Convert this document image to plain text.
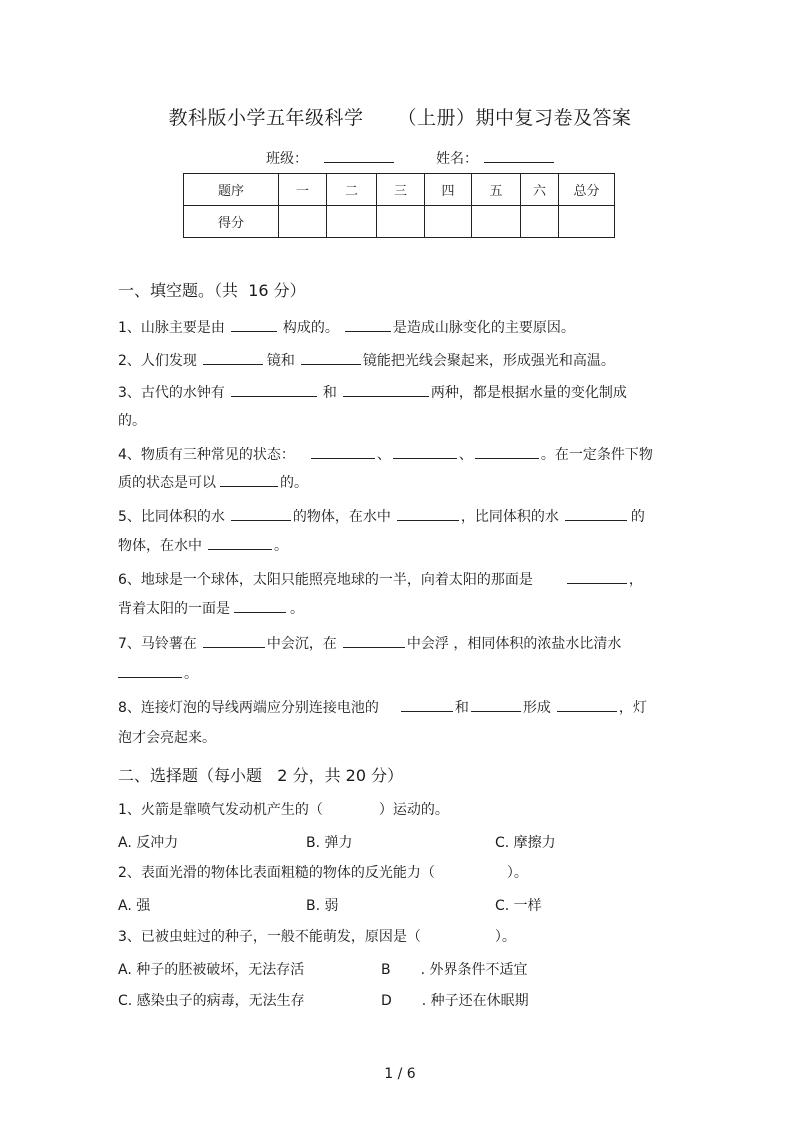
教科版小学五年级科学 （上册）期中复习卷及答案
班级：	姓名：
题序	一	二	三	四	五	六	总分
得分							
一、填空题。（共 16 分）
1、山脉主要是由	构成的。	是造成山脉变化的主要原因。
2、人们发现	镜和	镜能把光线会聚起来，形成强光和高温。
3、古代的水钟有	和	两种，都是根据水量的变化制成
的。
4、物质有三种常见的状态：	、	、	。在一定条件下物
质的状态是可以	的。
5、比同体积的水	的物体，在水中	，比同体积的水	的
物体，在水中	。
6、地球是一个球体，太阳只能照亮地球的一半，向着太阳的那面是	，
背着太阳的一面是	。
7、马铃薯在	中会沉，在	中会浮 ，相同体积的浓盐水比清水
。
8、连接灯泡的导线两端应分别连接电池的	和	形成	，灯
泡才会亮起来。
二、选择题（每小题 2 分，共 20 分）
1、火箭是靠喷气发动机产生的（	）运动的。
A. 反冲力	B. 弹力	C. 摩擦力
2、表面光滑的物体比表面粗糙的物体的反光能力（	）。
A. 强	B. 弱	C. 一样
3、已被虫蛀过的种子，一般不能萌发，原因是（	）。
A. 种子的胚被破坏，无法存活	B . 外界条件不适宜
C. 感染虫子的病毒，无法生存	D . 种子还在休眠期
1 / 6
